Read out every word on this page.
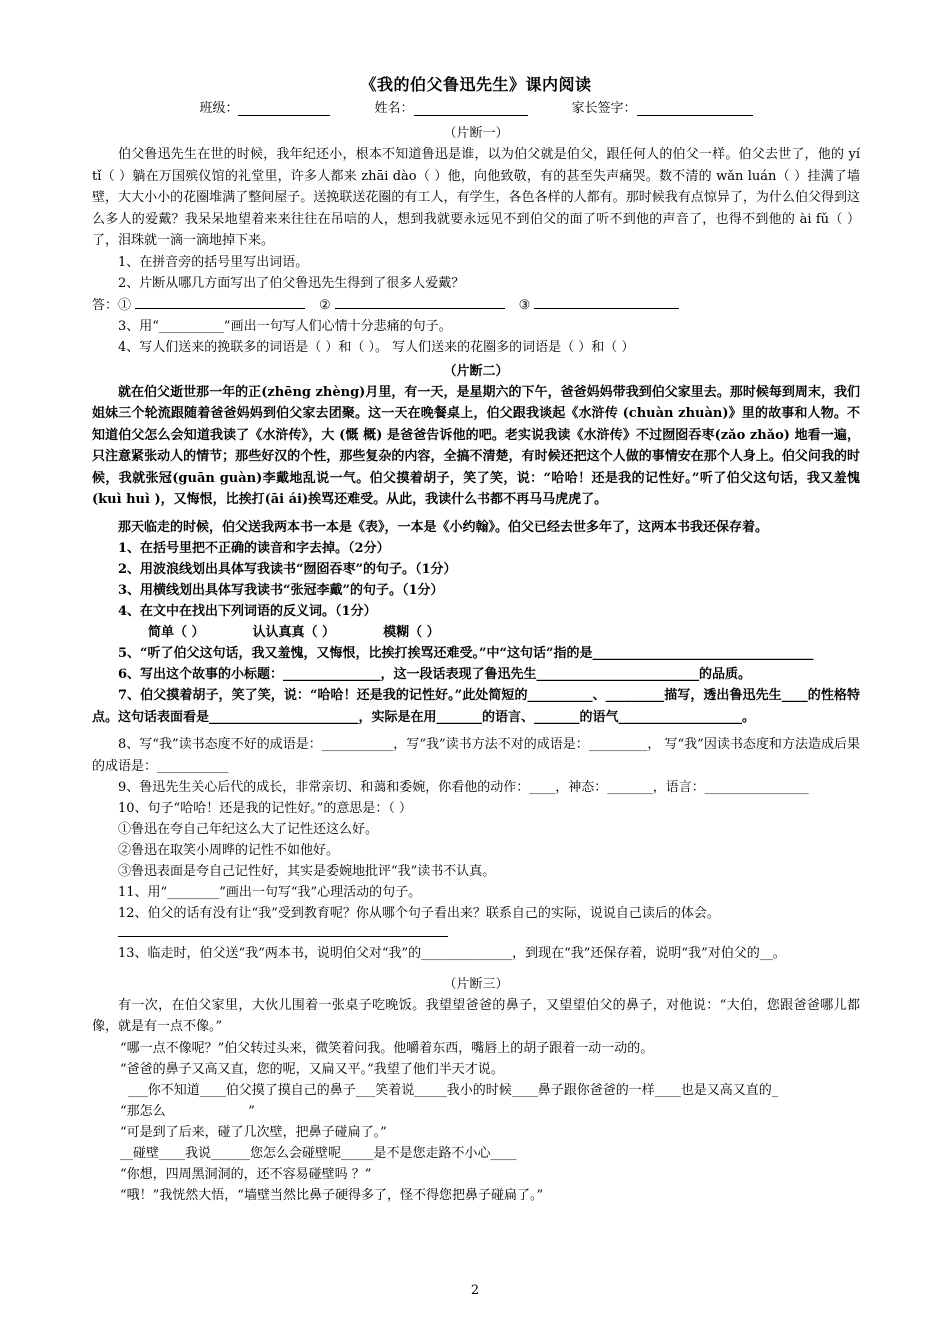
《我的伯父鲁迅先生》课内阅读
班级：	姓名：	家长签字：
（片断一）

伯父鲁迅先生在世的时候，我年纪还小，根本不知道鲁迅是谁，以为伯父就是伯父，跟任何人的伯父一样。伯父去世了，他的 yí tǐ（ ）躺在万国殡仪馆的礼堂里，许多人都来 zhāi dào（ ）他，向他致敬，有的甚至失声痛哭。数不清的 wǎn luán（ ）挂满了墙壁，大大小小的花圈堆满了整间屋子。送挽联送花圈的有工人，有学生，各色各样的人都有。那时候我有点惊异了，为什么伯父得到这么多人的爱戴？我呆呆地望着来来往往在吊唁的人，想到我就要永远见不到伯父的面了听不到他的声音了，也得不到他的 ài fǔ（ ）了，泪珠就一滴一滴地掉下来。

1、在拼音旁的括号里写出词语。

2、片断从哪几方面写出了伯父鲁迅先生得到了很多人爱戴？

答：①	②	③

3、用“__________”画出一句写人们心情十分悲痛的句子。

4、写人们送来的挽联多的词语是（ ）和（ ）。 写人们送来的花圈多的词语是（ ）和（ ）

（片断二）

就在伯父逝世那一年的正(zhēng zhèng)月里，有一天，是星期六的下午，爸爸妈妈带我到伯父家里去。那时候每到周末，我们姐妹三个轮流跟随着爸爸妈妈到伯父家去团聚。这一天在晚餐桌上，伯父跟我谈起《水浒传 (chuàn zhuàn)》里的故事和人物。不知道伯父怎么会知道我读了《水浒传》，大 (慨 概) 是爸爸告诉他的吧。老实说我读《水浒传》不过囫囵吞枣(zǎo zhǎo) 地看一遍，只注意紧张动人的情节；那些好汉的个性，那些复杂的内容，全搞不清楚，有时候还把这个人做的事情安在那个人身上。伯父问我的时候，我就张冠(guān guàn)李戴地乱说一气。伯父摸着胡子，笑了笑，说：“哈哈！还是我的记性好。”听了伯父这句话，我又羞愧(kuì huì )，又悔恨，比挨打(āi ái)挨骂还难受。从此，我读什么书都不再马马虎虎了。

那天临走的时候，伯父送我两本书一本是《表》，一本是《小约翰》。伯父已经去世多年了，这两本书我还保存着。

1、在括号里把不正确的读音和字去掉。（2分）

2、用波浪线划出具体写我读书“囫囵吞枣”的句子。（1分）

3、用横线划出具体写我读书“张冠李戴”的句子。（1分）

4、在文中在找出下列词语的反义词。（1分）

简单（ ）	认认真真（ ）	模糊（ ）

5、“听了伯父这句话，我又羞愧，又悔恨，比挨打挨骂还难受。”中“这句话”指的是__________________________________

6、写出这个故事的小标题：_______________，这一段话表现了鲁迅先生_________________________的品质。

7、伯父摸着胡子，笑了笑，说：“哈哈！还是我的记性好。”此处简短的__________、_________描写，透出鲁迅先生____的性格特点。这句话表面看是_______________________，实际是在用_______的语言、_______的语气___________________。

8、写“我”读书态度不好的成语是：___________，写“我”读书方法不对的成语是：_________， 写“我”因读书态度和方法造成后果的成语是：___________

9、鲁迅先生关心后代的成长，非常亲切、和蔼和委婉，你看他的动作：____，神态：_______，语言：________________

10、句子“哈哈！还是我的记性好。”的意思是：（ ）

①鲁迅在夸自己年纪这么大了记性还这么好。

②鲁迅在取笑小周晔的记性不如他好。

③鲁迅表面是夸自己记性好，其实是委婉地批评“我”读书不认真。

11、用“________”画出一句写“我”心理活动的句子。

12、伯父的话有没有让“我”受到教育呢？你从哪个句子看出来？联系自己的实际，说说自己读后的体会。

13、临走时，伯父送“我”两本书，说明伯父对“我”的______________，到现在“我”还保存着，说明“我”对伯父的__。

（片断三）

有一次，在伯父家里，大伙儿围着一张桌子吃晚饭。我望望爸爸的鼻子，又望望伯父的鼻子，对他说：“大伯，您跟爸爸哪儿都像，就是有一点不像。”

“哪一点不像呢？”伯父转过头来，微笑着问我。他嚼着东西，嘴唇上的胡子跟着一动一动的。

“爸爸的鼻子又高又直，您的呢，又扁又平。”我望了他们半天才说。

___你不知道____伯父摸了摸自己的鼻子___笑着说_____我小的时候____鼻子跟你爸爸的一样____也是又高又直的_

“那怎么                    ”

“可是到了后来，碰了几次壁，把鼻子碰扁了。”

__碰壁____我说______您怎么会碰壁呢_____是不是您走路不小心____

“你想，四周黑洞洞的，还不容易碰壁吗 ？”

“哦！”我恍然大悟，“墙壁当然比鼻子硬得多了，怪不得您把鼻子碰扁了。”

2
